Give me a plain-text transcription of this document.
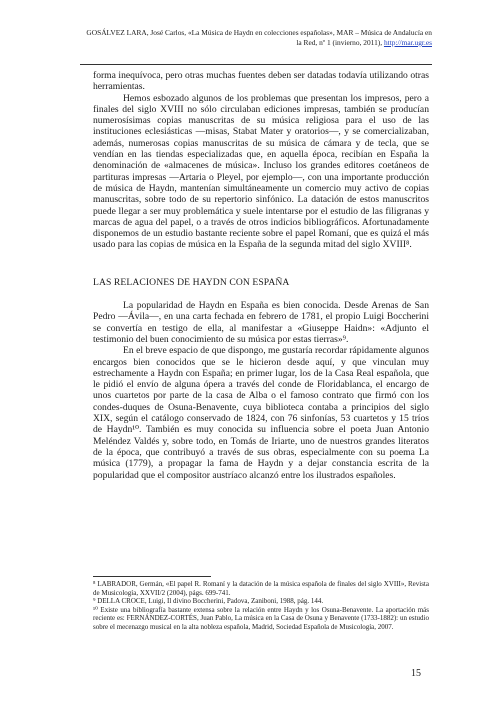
GOSÁLVEZ LARA, José Carlos, «La Música de Haydn en colecciones españolas», MAR – Música de Andalucía en la Red, nº 1 (invierno, 2011), http://mar.ugr.es

forma inequívoca, pero otras muchas fuentes deben ser datadas todavía utilizando otras herramientas.

Hemos esbozado algunos de los problemas que presentan los impresos, pero a finales del siglo XVIII no sólo circulaban ediciones impresas, también se producían numerosísimas copias manuscritas de su música religiosa para el uso de las instituciones eclesiásticas —misas, Stabat Mater y oratorios—, y se comercializaban, además, numerosas copias manuscritas de su música de cámara y de tecla, que se vendían en las tiendas especializadas que, en aquella época, recibían en España la denominación de «almacenes de música». Incluso los grandes editores coetáneos de partituras impresas —Artaria o Pleyel, por ejemplo—, con una importante producción de música de Haydn, mantenían simultáneamente un comercio muy activo de copias manuscritas, sobre todo de su repertorio sinfónico. La datación de estos manuscritos puede llegar a ser muy problemática y suele intentarse por el estudio de las filigranas y marcas de agua del papel, o a través de otros indicios bibliográficos. Afortunadamente disponemos de un estudio bastante reciente sobre el papel Romaní, que es quizá el más usado para las copias de música en la España de la segunda mitad del siglo XVIII⁸.

LAS RELACIONES DE HAYDN CON ESPAÑA

La popularidad de Haydn en España es bien conocida. Desde Arenas de San Pedro —Ávila—, en una carta fechada en febrero de 1781, el propio Luigi Boccherini se convertía en testigo de ella, al manifestar a «Giuseppe Haidn»: «Adjunto el testimonio del buen conocimiento de su música por estas tierras»⁹.

En el breve espacio de que dispongo, me gustaría recordar rápidamente algunos encargos bien conocidos que se le hicieron desde aquí, y que vinculan muy estrechamente a Haydn con España; en primer lugar, los de la Casa Real española, que le pidió el envío de alguna ópera a través del conde de Floridablanca, el encargo de unos cuartetos por parte de la casa de Alba o el famoso contrato que firmó con los condes-duques de Osuna-Benavente, cuya biblioteca contaba a principios del siglo XIX, según el catálogo conservado de 1824, con 76 sinfonías, 53 cuartetos y 15 tríos de Haydn¹⁰. También es muy conocida su influencia sobre el poeta Juan Antonio Meléndez Valdés y, sobre todo, en Tomás de Iriarte, uno de nuestros grandes literatos de la época, que contribuyó a través de sus obras, especialmente con su poema La música (1779), a propagar la fama de Haydn y a dejar constancia escrita de la popularidad que el compositor austríaco alcanzó entre los ilustrados españoles.

⁸ LABRADOR, Germán, «El papel R. Romaní y la datación de la música española de finales del siglo XVIII», Revista de Musicología, XXVII/2 (2004), págs. 699-741.

⁹ DELLA CROCE, Luigi, Il divino Boccherini, Padova, Zaniboni, 1988, pág. 144.

¹⁰ Existe una bibliografía bastante extensa sobre la relación entre Haydn y los Osuna-Benavente. La aportación más reciente es: FERNÁNDEZ-CORTÉS, Juan Pablo, La música en la Casa de Osuna y Benavente (1733-1882): un estudio sobre el mecenazgo musical en la alta nobleza española, Madrid, Sociedad Española de Musicología, 2007.

15
